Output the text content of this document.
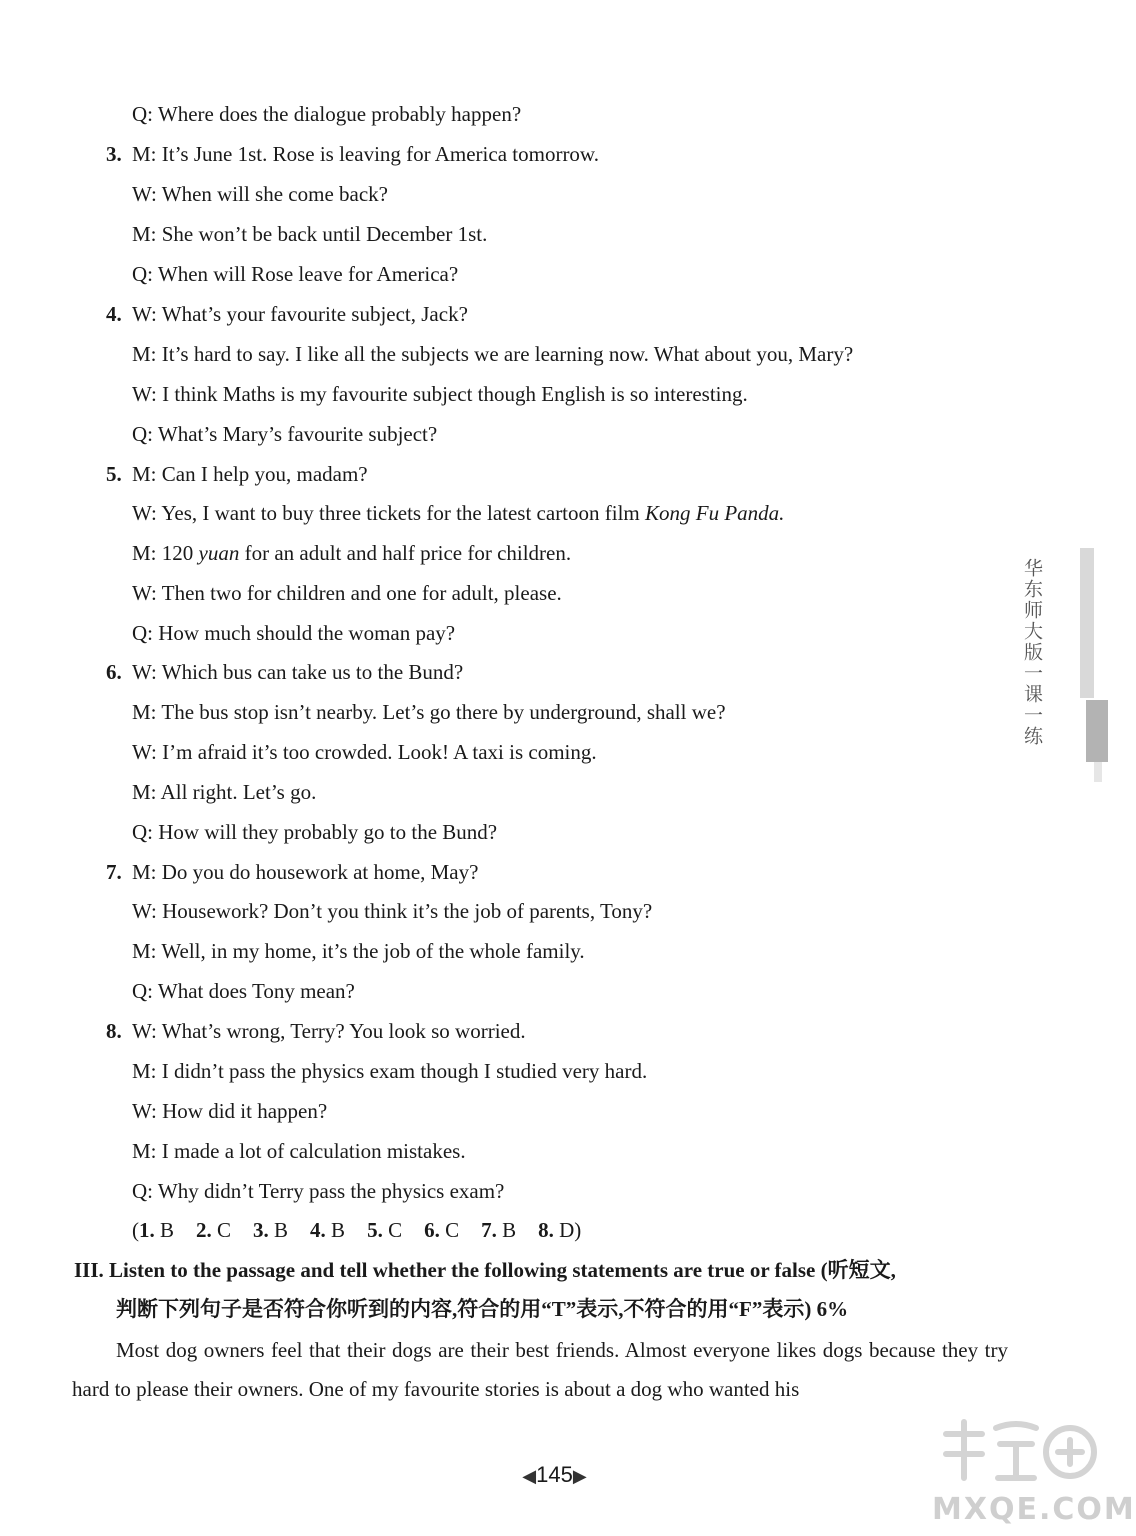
Q: Where does the dialogue probably happen?
3. M: It’s June 1st. Rose is leaving for America tomorrow.
W: When will she come back?
M: She won’t be back until December 1st.
Q: When will Rose leave for America?
4. W: What’s your favourite subject, Jack?
M: It’s hard to say. I like all the subjects we are learning now. What about you, Mary?
W: I think Maths is my favourite subject though English is so interesting.
Q: What’s Mary’s favourite subject?
5. M: Can I help you, madam?
W: Yes, I want to buy three tickets for the latest cartoon film Kong Fu Panda.
M: 120 yuan for an adult and half price for children.
W: Then two for children and one for adult, please.
Q: How much should the woman pay?
6. W: Which bus can take us to the Bund?
M: The bus stop isn’t nearby. Let’s go there by underground, shall we?
W: I’m afraid it’s too crowded. Look! A taxi is coming.
M: All right. Let’s go.
Q: How will they probably go to the Bund?
7. M: Do you do housework at home, May?
W: Housework? Don’t you think it’s the job of parents, Tony?
M: Well, in my home, it’s the job of the whole family.
Q: What does Tony mean?
8. W: What’s wrong, Terry? You look so worried.
M: I didn’t pass the physics exam though I studied very hard.
W: How did it happen?
M: I made a lot of calculation mistakes.
Q: Why didn’t Terry pass the physics exam?
(1. B 2. C 3. B 4. B 5. C 6. C 7. B 8. D)
III. Listen to the passage and tell whether the following statements are true or false (听短文,
判断下列句子是否符合你听到的内容,符合的用“T”表示,不符合的用“F”表示) 6%
Most dog owners feel that their dogs are their best friends. Almost everyone likes dogs because they try hard to please their owners. One of my favourite stories is about a dog who wanted his
华东师大版一课一练
◀145▶
MXQE.COM
